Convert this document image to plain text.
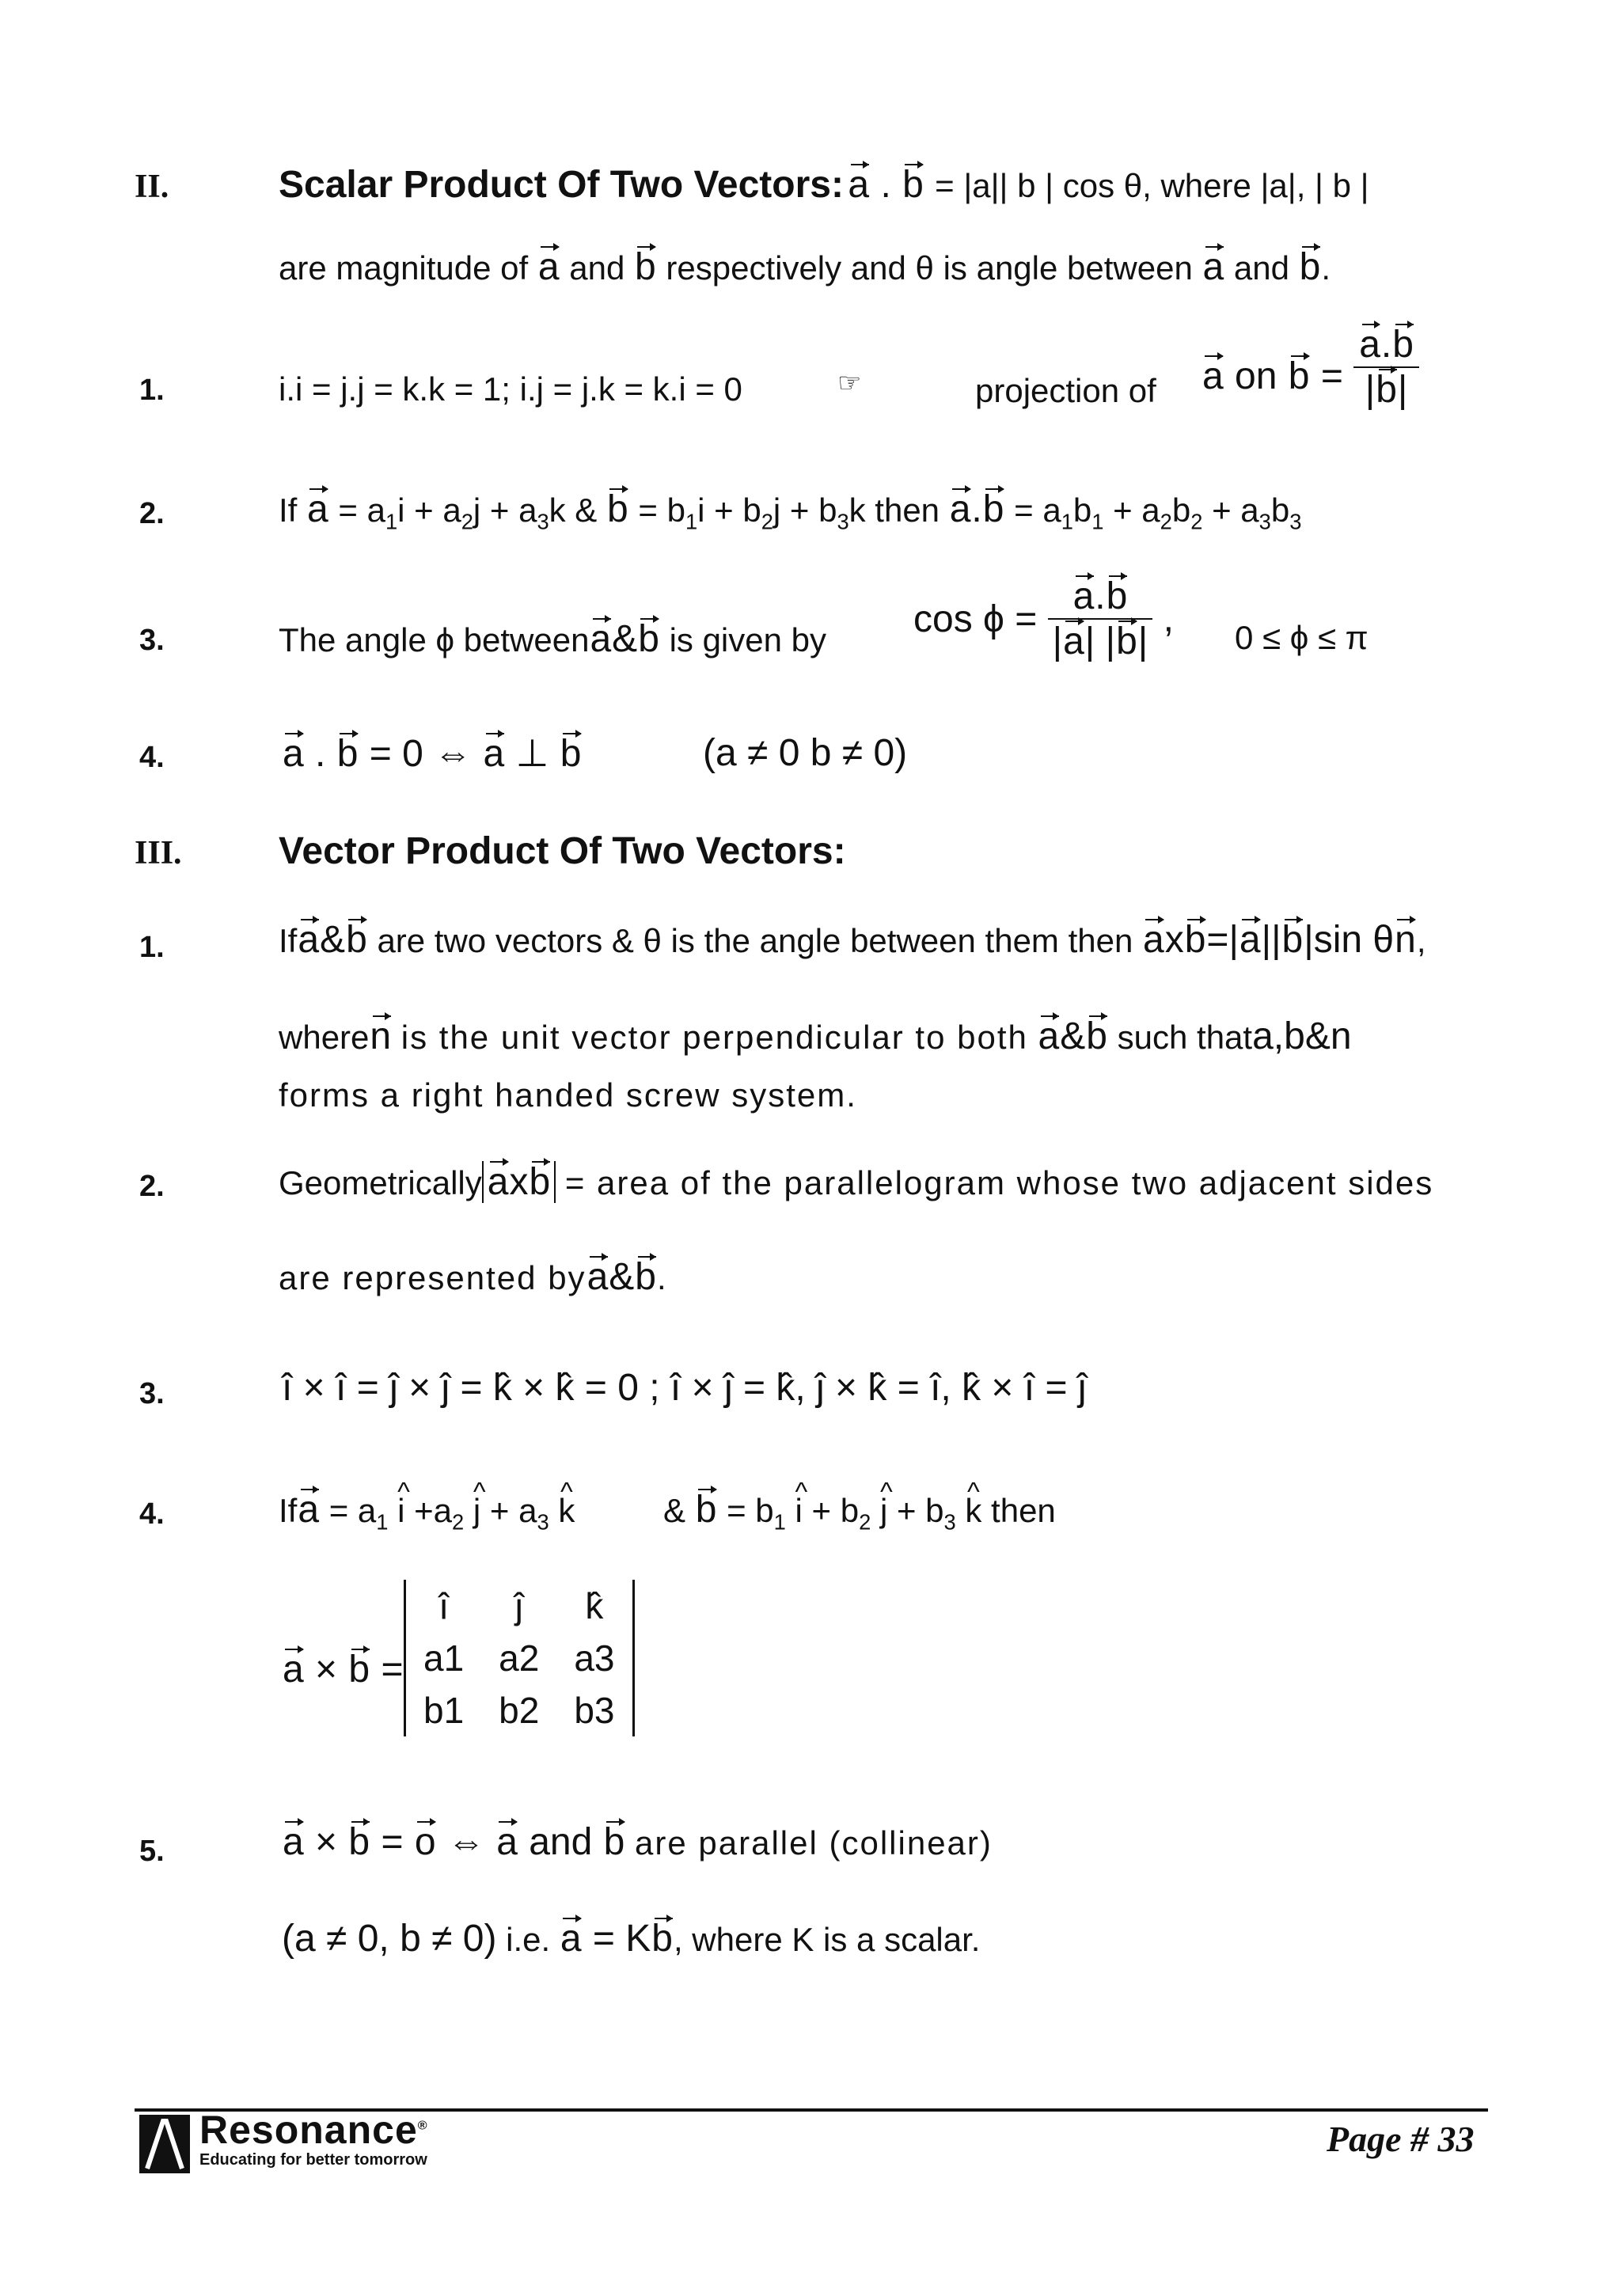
II.	Scalar Product Of Two Vectors: a . b = |a|| b | cos θ, where |a|, | b |
are magnitude of a and b respectively and θ is angle between a and b.
1.	i.i = j.j = k.k = 1; i.j = j.k = k.i = 0	☞	projection of a on $b = \frac{a.b}{|b|}$
2.	If $a = a_1i + a_2j + a_3k$ & $b = b_1i + b_2j + b_3k$ then $a.b = a_1b_1 + a_2b_2 + a_3b_3$
3.	The angle ϕ betweena&b is given by $\cos \phi = \frac{a.b}{|a| |b|}$ , 0 ≤ ϕ ≤ π
4.	a . b = 0 ⇔ a ⊥ b	(a ≠ 0 b ≠ 0)
III.	Vector Product Of Two Vectors:
1.	Ifa&b are two vectors & θ is the angle between them then axb=|a||b|sin θn,
wheren is the unit vector perpendicular to both a&b such thata,b&n
forms a right handed screw system.
2.	Geometrically axb = area of the parallelogram whose two adjacent sides
are represented bya&b.
3.	î × î = ĵ × ĵ = k̂ × k̂ = 0 ; î × ĵ = k̂, ĵ × k̂ = î, k̂ × î = ĵ
4.	Ifa = $a_1$ ^ $i +a_2$ ^ $j + a_3$ ^ k	& $b = b_1$ ^ $i + b_2$ ^ $j + b_3$ ^ k then
a × b =
î	ĵ	k̂
a1	a2	a3
b1	b2	b3
5.	a × b = o ⇔ a and b are parallel (collinear)
(a ≠ 0, b ≠ 0) i.e. a = Kb, where K is a scalar.
Resonance®
Educating for better tomorrow
Page # 33
